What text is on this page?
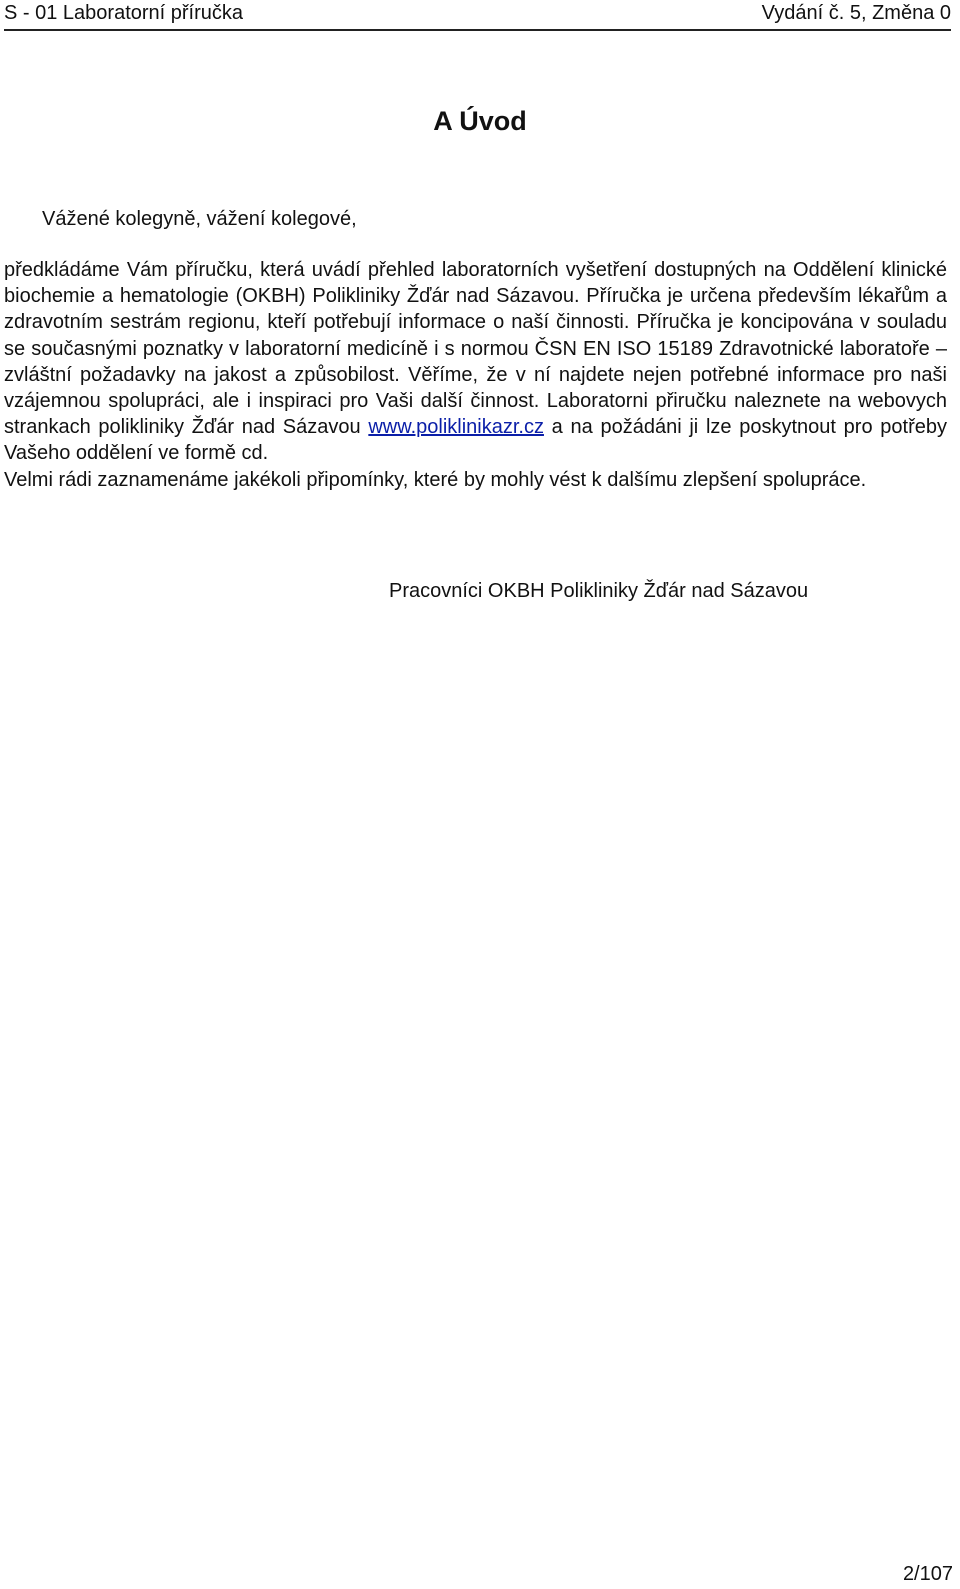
S - 01 Laboratorní příručka	Vydání č. 5, Změna 0
A Úvod
Vážené kolegyně, vážení kolegové,

předkládáme Vám příručku, která uvádí přehled laboratorních vyšetření dostupných na Oddělení klinické biochemie a hematologie (OKBH) Polikliniky Žďár nad Sázavou. Příručka je určena především lékařům a zdravotním sestrám regionu, kteří potřebují informace o naší činnosti. Příručka je koncipována v souladu se současnými poznatky v laboratorní medicíně i s normou ČSN EN ISO 15189 Zdravotnické laboratoře – zvláštní požadavky na jakost a způsobilost. Věříme, že v ní najdete nejen potřebné informace pro naši vzájemnou spolupráci, ale i inspiraci pro Vaši další činnost. Laboratorni přiručku naleznete na webovych strankach polikliniky Žďár nad Sázavou www.poliklinikazr.cz a na požádáni ji lze poskytnout pro potřeby Vašeho oddělení ve formě cd.

Velmi rádi zaznamenáme jakékoli připomínky, které by mohly vést k dalšímu zlepšení spolupráce.

Pracovníci OKBH Polikliniky Žďár nad Sázavou
2/107
